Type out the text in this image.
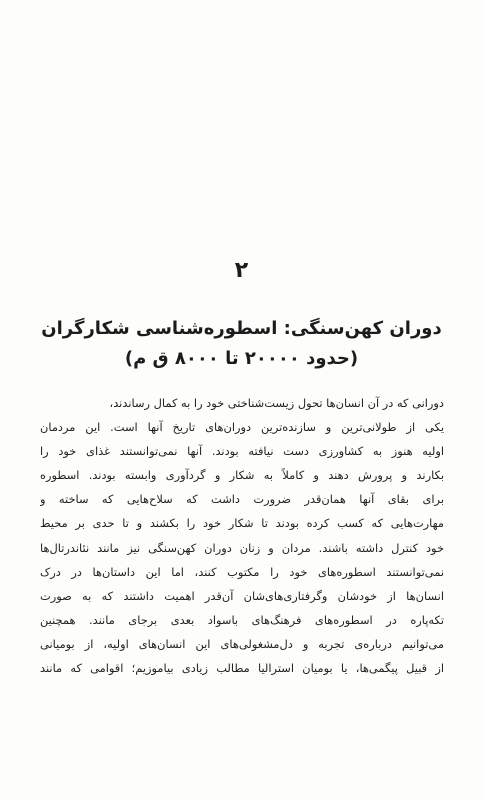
۲
دوران کهن‌سنگی: اسطوره‌شناسی شکارگران
(حدود ۲۰۰۰۰ تا ۸۰۰۰ ق م)
دورانی که در آن انسان‌ها تحول زیست‌شناختی خود را به کمال رساندند،
یکی از طولانی‌ترین و سازنده‌ترین دوران‌های تاریخ آنها است. این مردمان
اولیه هنوز به کشاورزی دست نیافته بودند. آنها نمی‌توانستند غذای خود را
بکارند و پرورش دهند و کاملاً به شکار و گردآوری وابسته بودند. اسطوره
برای بقای آنها همان‌قدر ضرورت داشت که سلاح‌هایی که ساخته و
مهارت‌هایی که کسب کرده بودند تا شکار خود را بکشند و تا حدی بر محیط
خود کنترل داشته باشند. مردان و زنان دوران کهن‌سنگی نیز مانند نئاندرتال‌ها
نمی‌توانستند اسطوره‌های خود را مکتوب کنند، اما این داستان‌ها در درک
انسان‌ها از خودشان وگرفتاری‌های‌شان آن‌قدر اهمیت داشتند که به صورت
تکه‌پاره در اسطوره‌های فرهنگ‌های باسواد بعدی برجای مانند. همچنین
می‌توانیم درباره‌ی تجربه و دل‌مشغولی‌های این انسان‌های اولیه، از بومیانی
از قبیل پیگمی‌ها، یا بومیان استرالیا مطالب زیادی بیاموزیم؛ اقوامی که مانند
